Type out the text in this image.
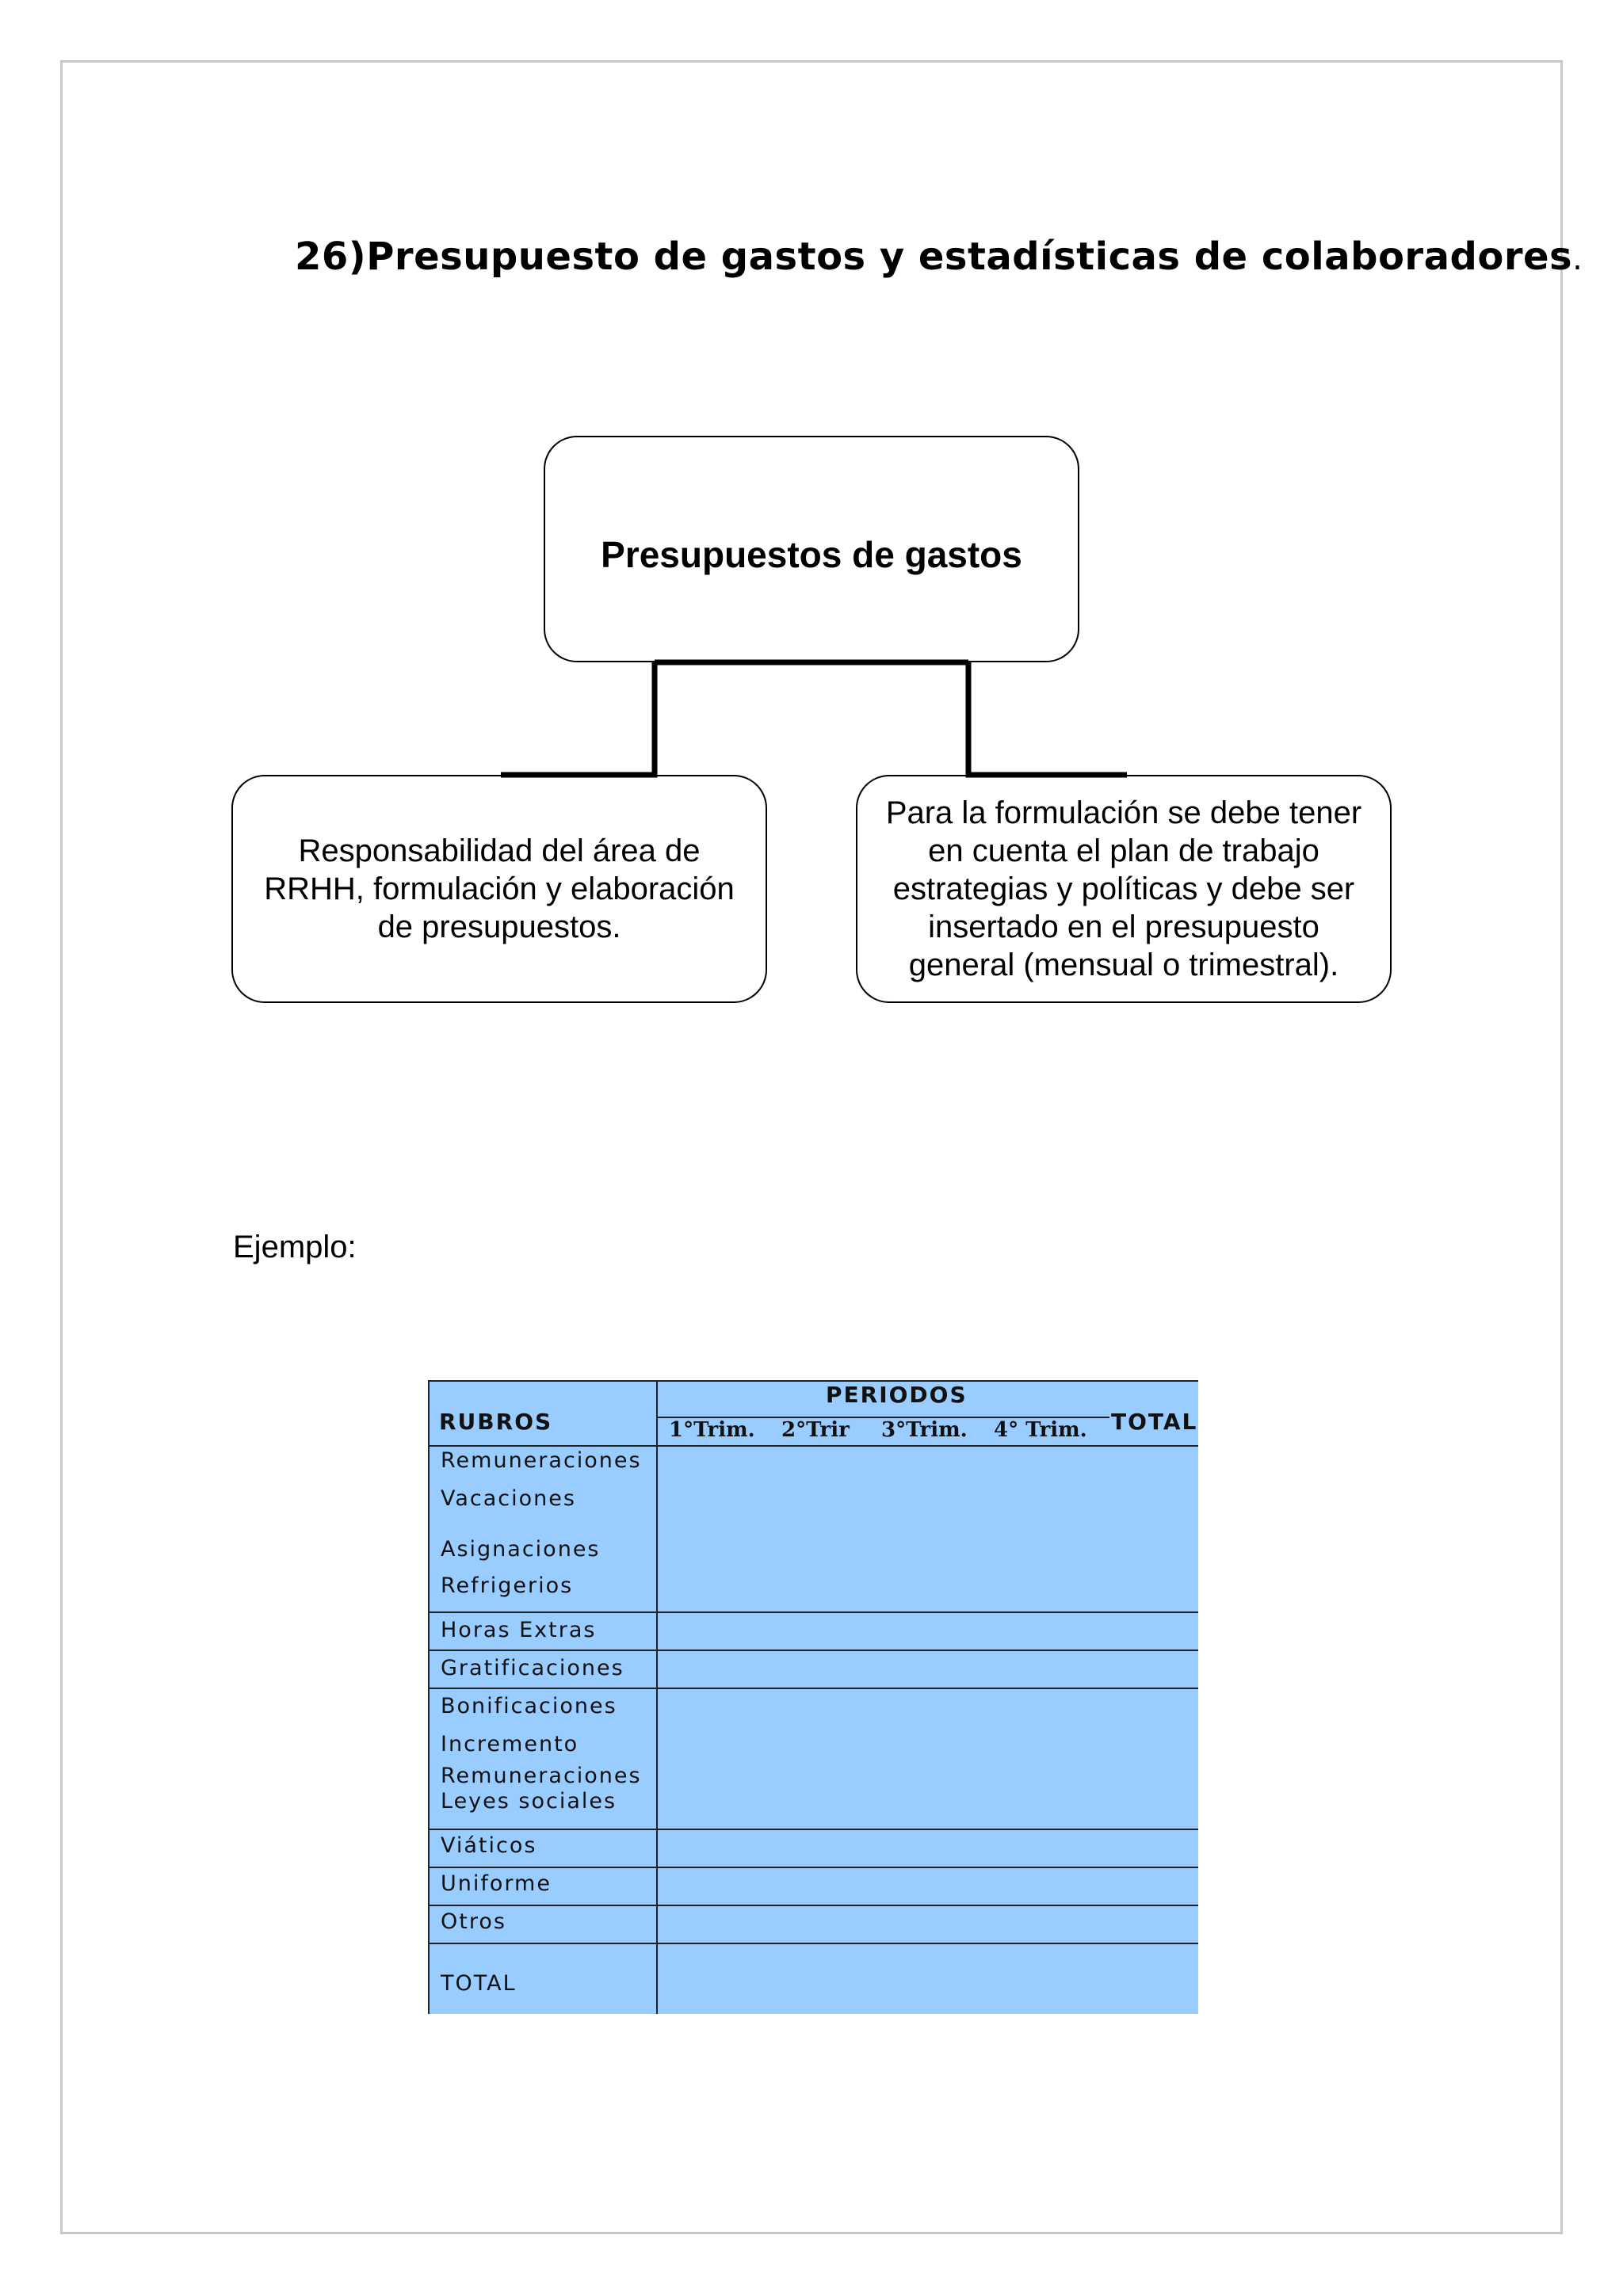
26)Presupuesto de gastos y estadísticas de colaboradores.
Presupuestos de gastos
Responsabilidad del área de RRHH, formulación y elaboración de presupuestos.
Para la formulación se debe tener en cuenta el plan de trabajo estrategias y políticas y debe ser insertado en el presupuesto general (mensual o trimestral).
Ejemplo:
RUBROS
PERIODOS
1°Trim. 2°Trir 3°Trim. 4° Trim. TOTAL
Remuneraciones
Vacaciones
Asignaciones
Refrigerios
Horas Extras
Gratificaciones
Bonificaciones
Incremento
Remuneraciones
Leyes sociales
Viáticos
Uniforme
Otros
TOTAL
